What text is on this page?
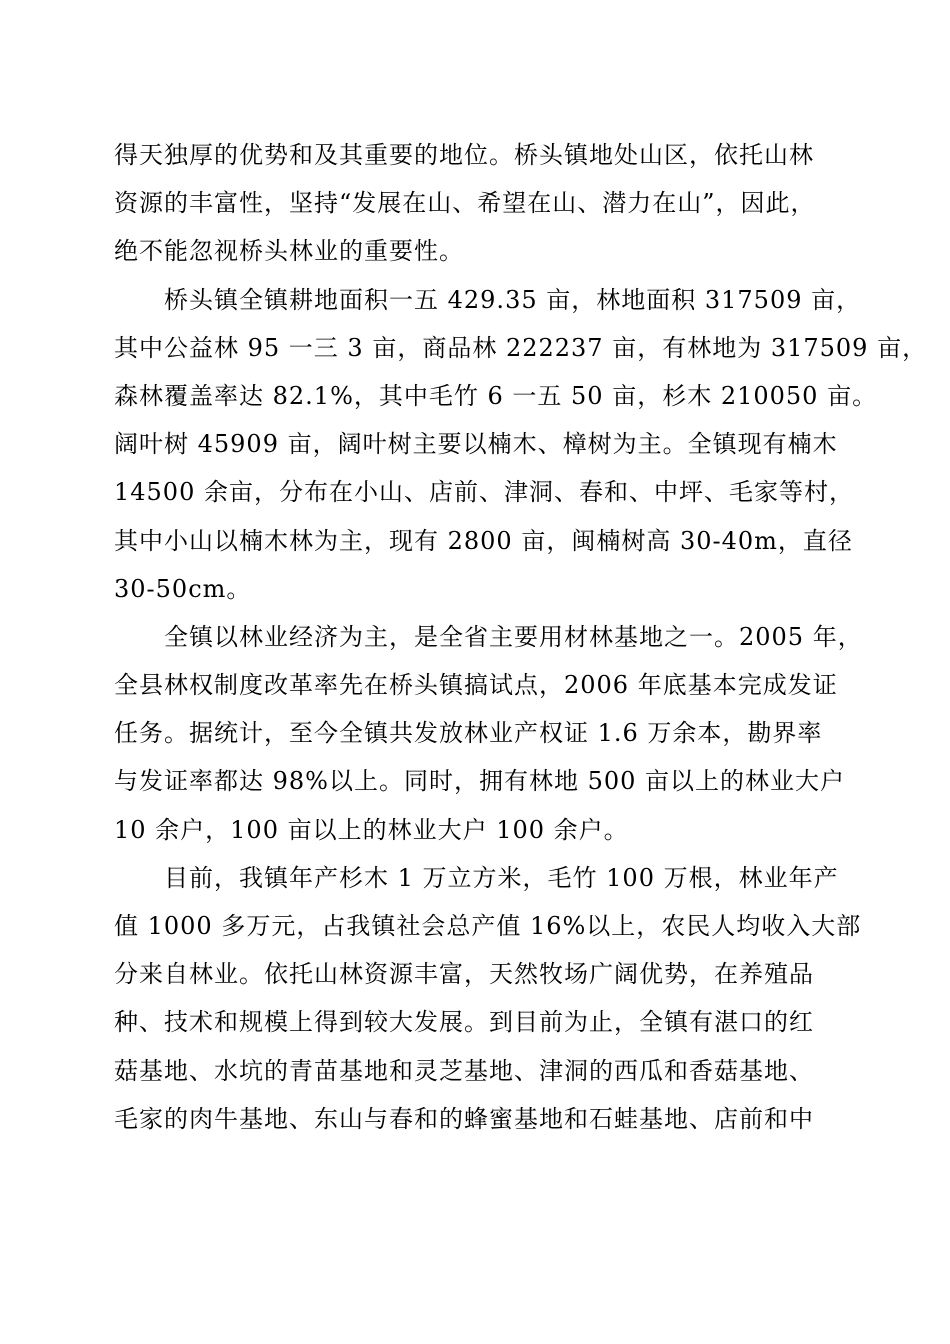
得天独厚的优势和及其重要的地位。桥头镇地处山区，依托山林
资源的丰富性，坚持“发展在山、希望在山、潜力在山”，因此，
绝不能忽视桥头林业的重要性。
桥头镇全镇耕地面积一五 429.35 亩，林地面积 317509 亩，
其中公益林 95 一三 3 亩，商品林 222237 亩，有林地为 317509 亩，
森林覆盖率达 82.1%，其中毛竹 6 一五 50 亩，杉木 210050 亩。
阔叶树 45909 亩，阔叶树主要以楠木、樟树为主。全镇现有楠木
14500 余亩，分布在小山、店前、津洞、春和、中坪、毛家等村，
其中小山以楠木林为主，现有 2800 亩，闽楠树高 30-40m，直径
30-50cm。
全镇以林业经济为主，是全省主要用材林基地之一。2005 年，
全县林权制度改革率先在桥头镇搞试点，2006 年底基本完成发证
任务。据统计，至今全镇共发放林业产权证 1.6 万余本，勘界率
与发证率都达 98%以上。同时，拥有林地 500 亩以上的林业大户
10 余户，100 亩以上的林业大户 100 余户。
目前，我镇年产杉木 1 万立方米，毛竹 100 万根，林业年产
值 1000 多万元，占我镇社会总产值 16%以上，农民人均收入大部
分来自林业。依托山林资源丰富，天然牧场广阔优势，在养殖品
种、技术和规模上得到较大发展。到目前为止，全镇有湛口的红
菇基地、水坑的青苗基地和灵芝基地、津洞的西瓜和香菇基地、
毛家的肉牛基地、东山与春和的蜂蜜基地和石蛙基地、店前和中
